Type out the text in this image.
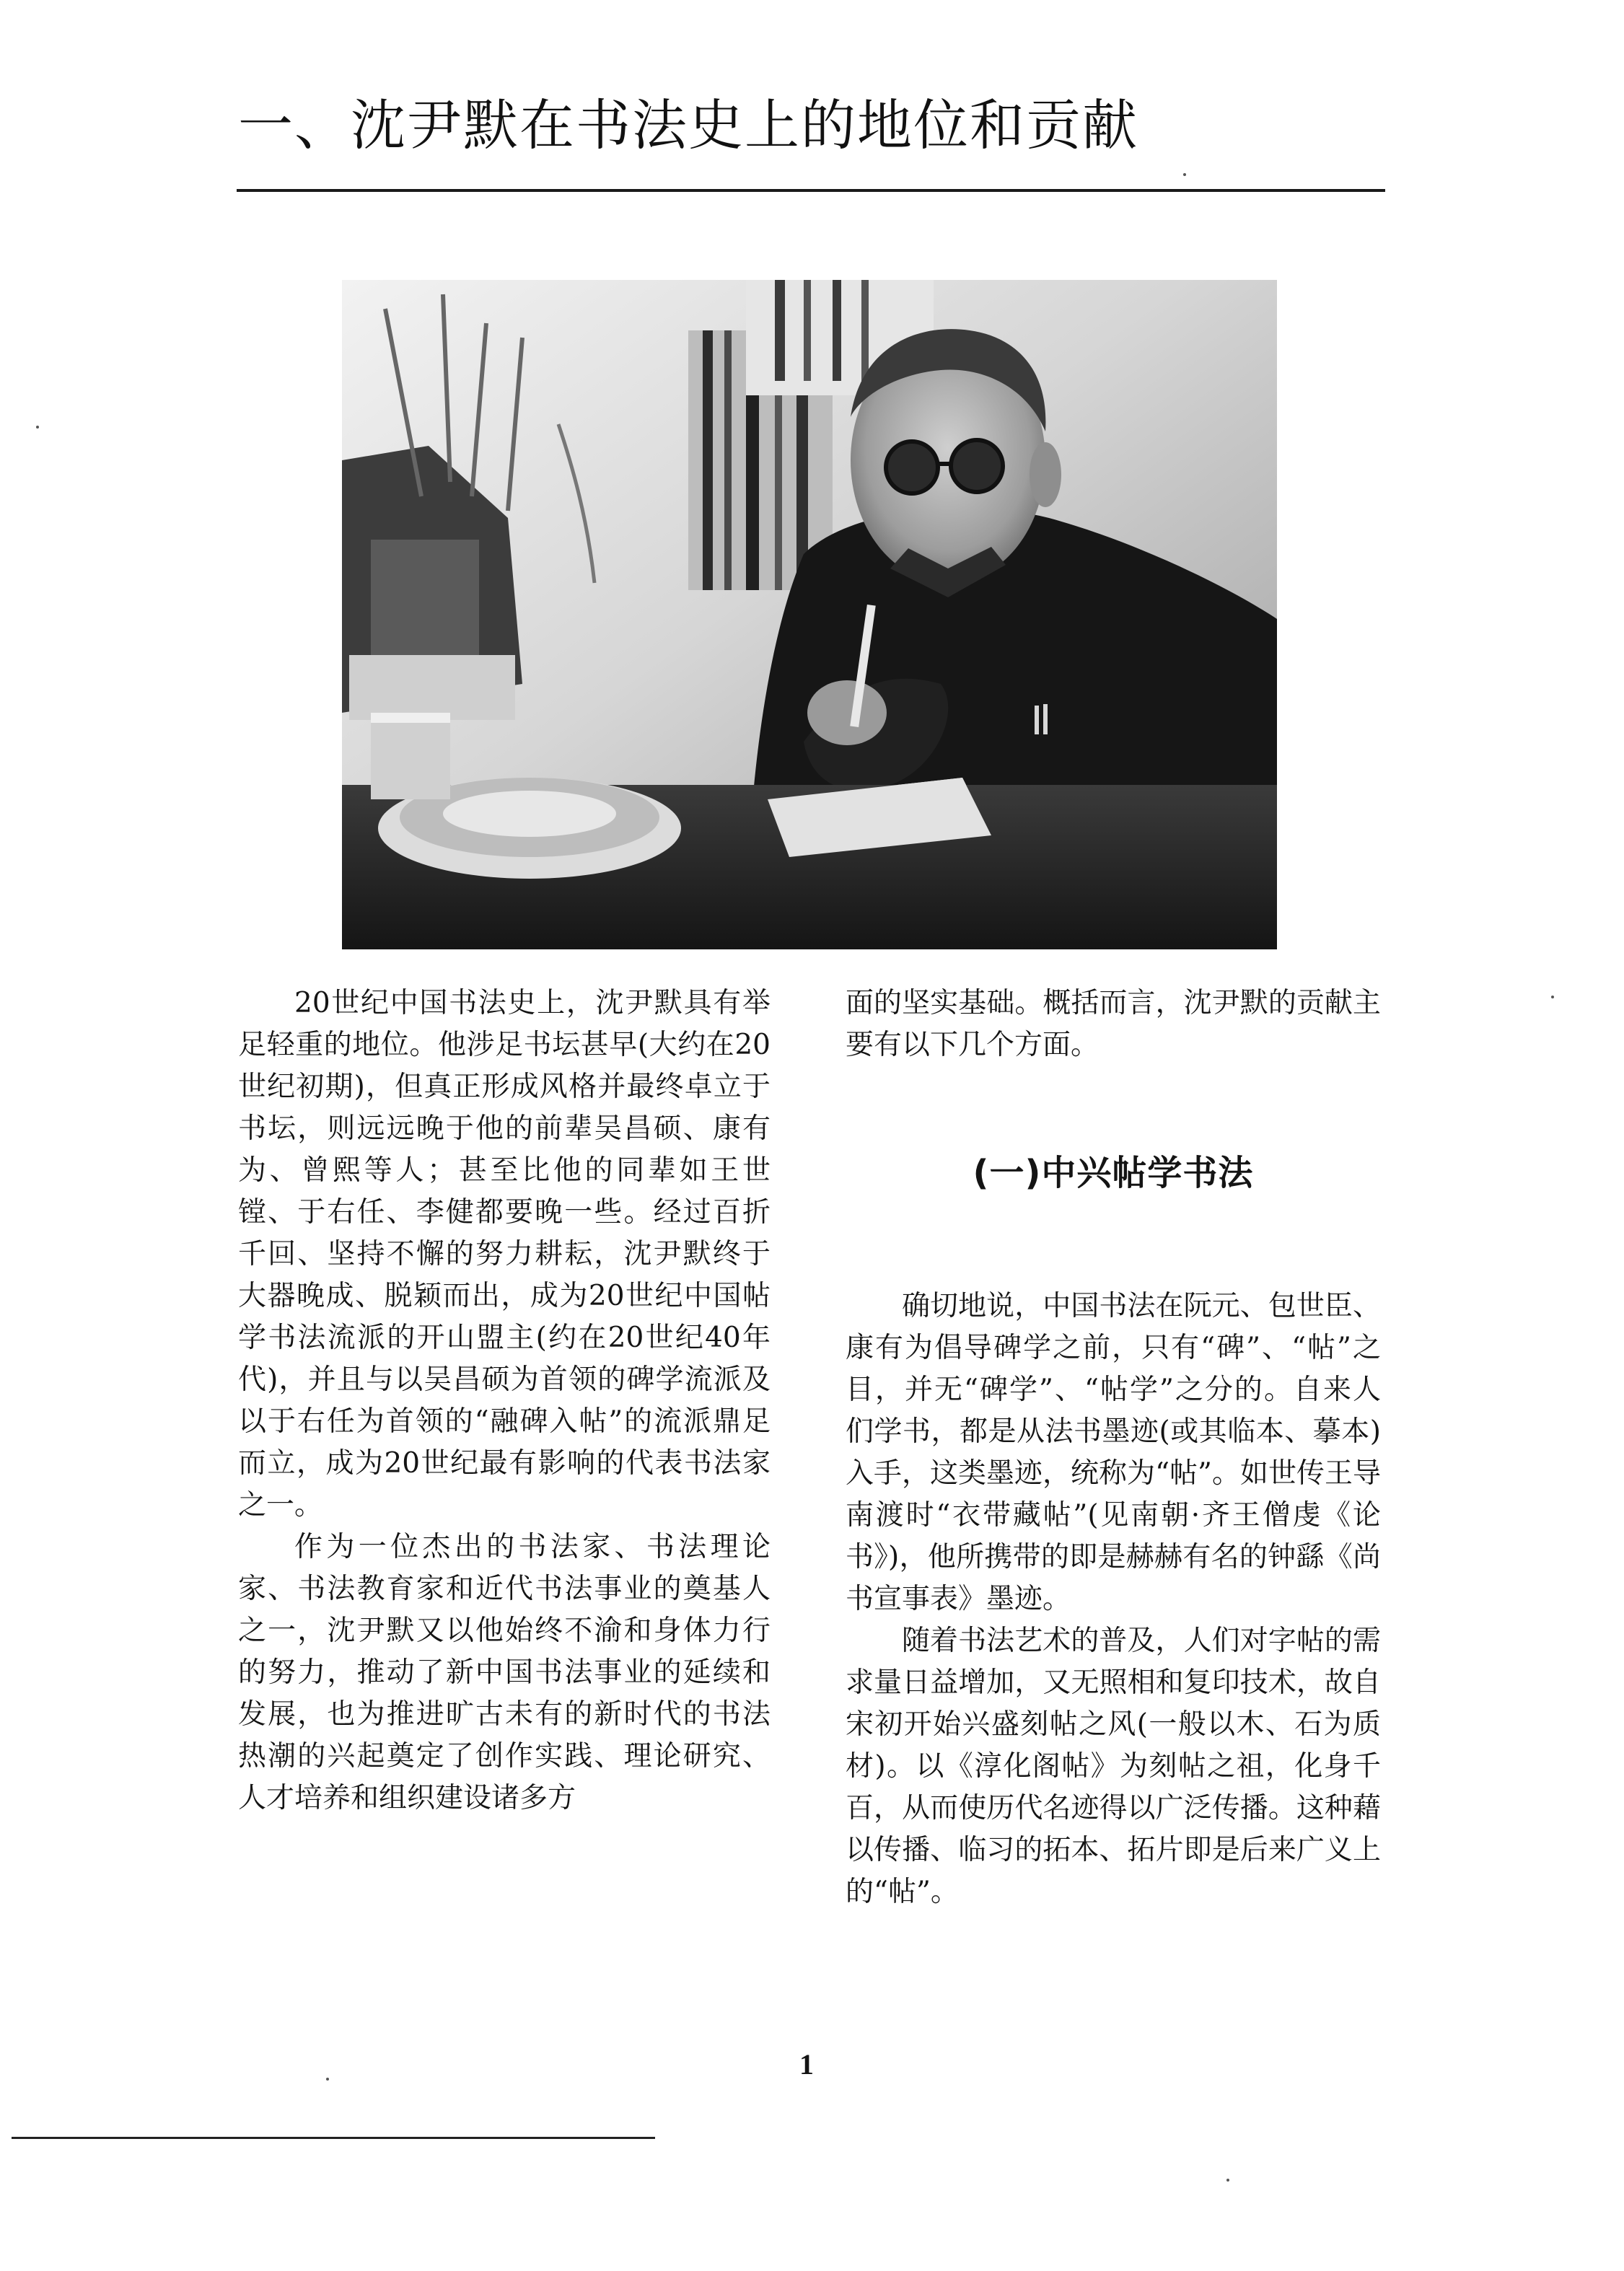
一、沈尹默在书法史上的地位和贡献

20世纪中国书法史上，沈尹默具有举足轻重的地位。他涉足书坛甚早(大约在20世纪初期)，但真正形成风格并最终卓立于书坛，则远远晚于他的前辈吴昌硕、康有为、曾熙等人；甚至比他的同辈如王世镗、于右任、李健都要晚一些。经过百折千回、坚持不懈的努力耕耘，沈尹默终于大器晚成、脱颖而出，成为20世纪中国帖学书法流派的开山盟主(约在20世纪40年代)，并且与以吴昌硕为首领的碑学流派及以于右任为首领的“融碑入帖”的流派鼎足而立，成为20世纪最有影响的代表书法家之一。

作为一位杰出的书法家、书法理论家、书法教育家和近代书法事业的奠基人之一，沈尹默又以他始终不渝和身体力行的努力，推动了新中国书法事业的延续和发展，也为推进旷古未有的新时代的书法热潮的兴起奠定了创作实践、理论研究、人才培养和组织建设诸多方

面的坚实基础。概括而言，沈尹默的贡献主要有以下几个方面。

(一)中兴帖学书法

确切地说，中国书法在阮元、包世臣、康有为倡导碑学之前，只有“碑”、“帖”之目，并无“碑学”、“帖学”之分的。自来人们学书，都是从法书墨迹(或其临本、摹本)入手，这类墨迹，统称为“帖”。如世传王导南渡时“衣带藏帖”(见南朝·齐王僧虔《论书》)，他所携带的即是赫赫有名的钟繇《尚书宣事表》墨迹。

随着书法艺术的普及，人们对字帖的需求量日益增加，又无照相和复印技术，故自宋初开始兴盛刻帖之风(一般以木、石为质材)。以《淳化阁帖》为刻帖之祖，化身千百，从而使历代名迹得以广泛传播。这种藉以传播、临习的拓本、拓片即是后来广义上的“帖”。

1
